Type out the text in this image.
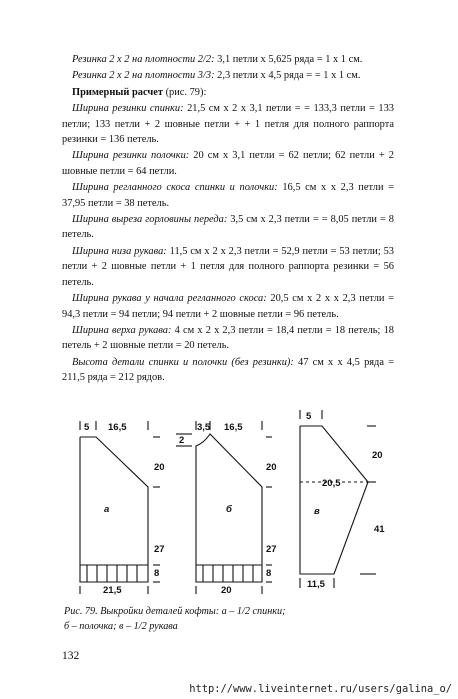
Резинка 2 х 2 на плотности 2/2: 3,1 петли х 5,625 ряда = 1 х 1 см.

Резинка 2 х 2 на плотности 3/3: 2,3 петли х 4,5 ряда = = 1 х 1 см.

Примерный расчет (рис. 79):

Ширина резинки спинки: 21,5 см х 2 х 3,1 петли = = 133,3 петли = 133 петли; 133 петли + 2 шовные петли + + 1 петля для полного раппорта резинки = 136 петель.

Ширина резинки полочки: 20 см х 3,1 петли = 62 петли; 62 петли + 2 шовные петли = 64 петли.

Ширина регланного скоса спинки и полочки: 16,5 см х х 2,3 петли = 37,95 петли = 38 петель.

Ширина выреза горловины переда: 3,5 см х 2,3 петли = = 8,05 петли = 8 петель.

Ширина низа рукава: 11,5 см х 2 х 2,3 петли = 52,9 петли = 53 петли; 53 петли + 2 шовные петли + 1 петля для полного раппорта резинки = 56 петель.

Ширина рукава у начала регланного скоса: 20,5 см х 2 х х 2,3 петли = 94,3 петли = 94 петли; 94 петли + 2 шовные петли = 96 петель.

Ширина верха рукава: 4 см х 2 х 2,3 петли = 18,4 петли = 18 петель; 18 петель + 2 шовные петли = 20 петель.

Высота детали спинки и полочки (без резинки): 47 см х х 4,5 ряда = 211,5 ряда = 212 рядов.

5 16,5
20
27
8
а
21,5
3,5 16,5
2
20
27
8
б
20
5
20
20,5
41
в
11,5
Рис. 79. Выкройки деталей кофты: а – 1/2 спинки;
б – полочка; в – 1/2 рукава
132
http://www.liveinternet.ru/users/galina_o/
